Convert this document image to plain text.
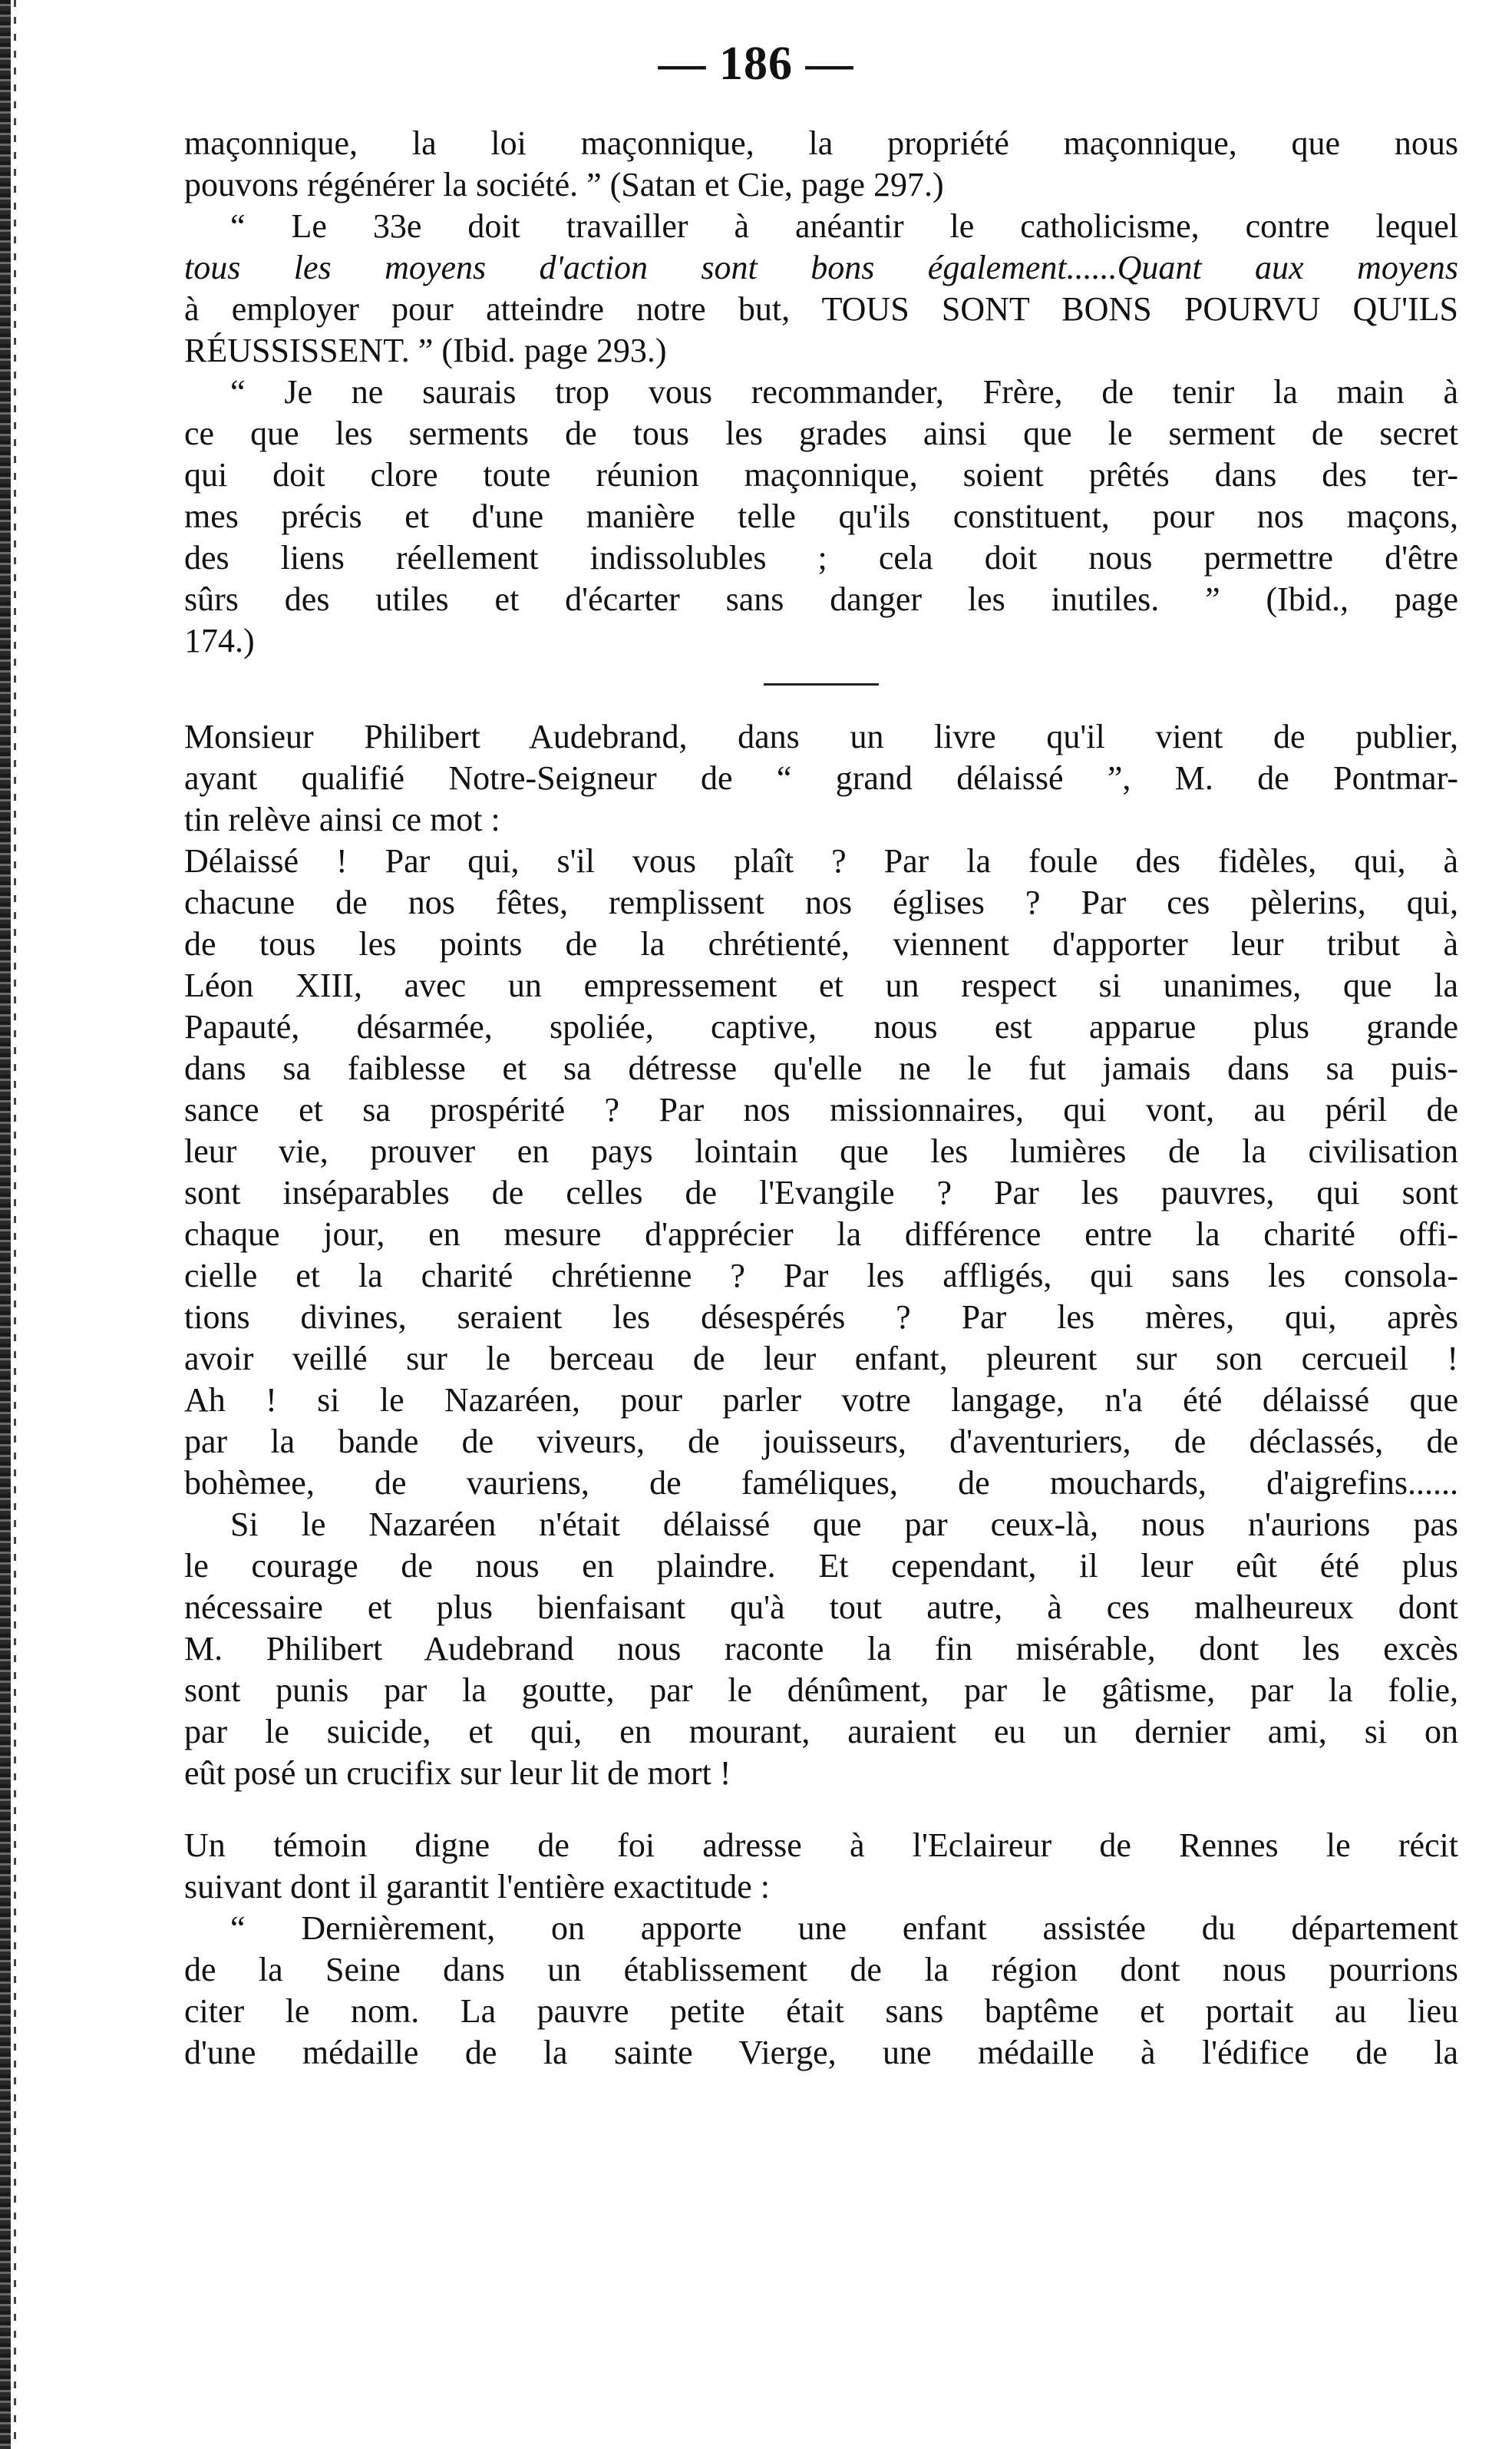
— 186 —
maçonnique, la loi maçonnique, la propriété maçonnique, que nous
pouvons régénérer la société. ” (Satan et Cie, page 297.)
“ Le 33e doit travailler à anéantir le catholicisme, contre lequel
tous les moyens d'action sont bons également......Quant aux moyens
à employer pour atteindre notre but, TOUS SONT BONS POURVU QU'ILS
RÉUSSISSENT. ” (Ibid. page 293.)
“ Je ne saurais trop vous recommander, Frère, de tenir la main à
ce que les serments de tous les grades ainsi que le serment de secret
qui doit clore toute réunion maçonnique, soient prêtés dans des ter-
mes précis et d'une manière telle qu'ils constituent, pour nos maçons,
des liens réellement indissolubles ; cela doit nous permettre d'être
sûrs des utiles et d'écarter sans danger les inutiles. ” (Ibid., page
174.)
Monsieur Philibert Audebrand, dans un livre qu'il vient de publier,
ayant qualifié Notre-Seigneur de “ grand délaissé ”, M. de Pontmar-
tin relève ainsi ce mot :
Délaissé ! Par qui, s'il vous plaît ? Par la foule des fidèles, qui, à
chacune de nos fêtes, remplissent nos églises ? Par ces pèlerins, qui,
de tous les points de la chrétienté, viennent d'apporter leur tribut à
Léon XIII, avec un empressement et un respect si unanimes, que la
Papauté, désarmée, spoliée, captive, nous est apparue plus grande
dans sa faiblesse et sa détresse qu'elle ne le fut jamais dans sa puis-
sance et sa prospérité ? Par nos missionnaires, qui vont, au péril de
leur vie, prouver en pays lointain que les lumières de la civilisation
sont inséparables de celles de l'Evangile ? Par les pauvres, qui sont
chaque jour, en mesure d'apprécier la différence entre la charité offi-
cielle et la charité chrétienne ? Par les affligés, qui sans les consola-
tions divines, seraient les désespérés ? Par les mères, qui, après
avoir veillé sur le berceau de leur enfant, pleurent sur son cercueil !
Ah ! si le Nazaréen, pour parler votre langage, n'a été délaissé que
par la bande de viveurs, de jouisseurs, d'aventuriers, de déclassés, de
bohèmee, de vauriens, de faméliques, de mouchards, d'aigrefins......
Si le Nazaréen n'était délaissé que par ceux-là, nous n'aurions pas
le courage de nous en plaindre. Et cependant, il leur eût été plus
nécessaire et plus bienfaisant qu'à tout autre, à ces malheureux dont
M. Philibert Audebrand nous raconte la fin misérable, dont les excès
sont punis par la goutte, par le dénûment, par le gâtisme, par la folie,
par le suicide, et qui, en mourant, auraient eu un dernier ami, si on
eût posé un crucifix sur leur lit de mort !
Un témoin digne de foi adresse à l'Eclaireur de Rennes le récit
suivant dont il garantit l'entière exactitude :
“ Dernièrement, on apporte une enfant assistée du département
de la Seine dans un établissement de la région dont nous pourrions
citer le nom. La pauvre petite était sans baptême et portait au lieu
d'une médaille de la sainte Vierge, une médaille à l'édifice de la
